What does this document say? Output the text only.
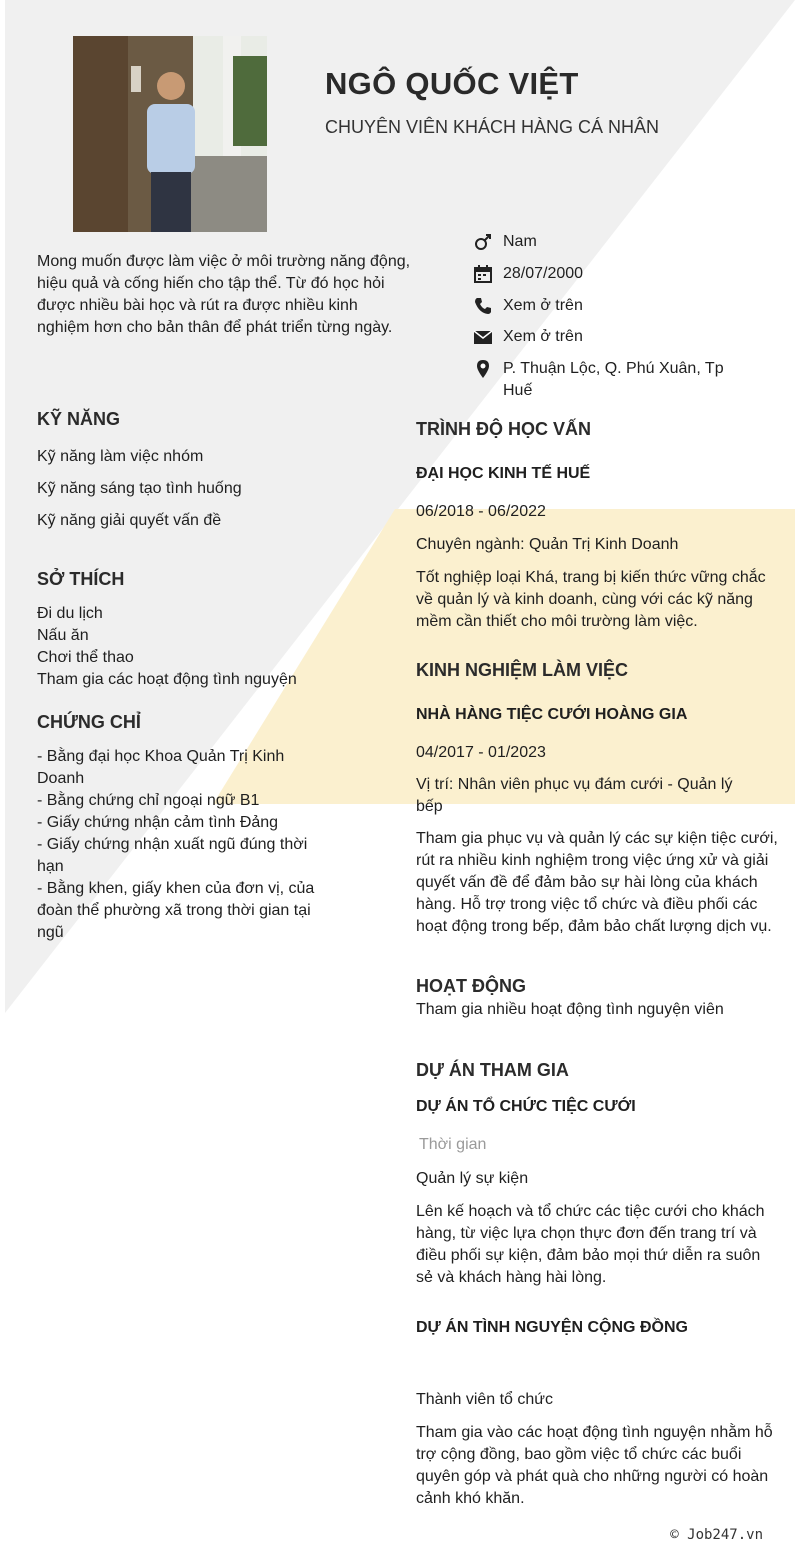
NGÔ QUỐC VIỆT
CHUYÊN VIÊN KHÁCH HÀNG CÁ NHÂN
Nam
28/07/2000
Xem ở trên
Xem ở trên
P. Thuận Lộc, Q. Phú Xuân, Tp
Huế
Mong muốn được làm việc ở môi trường năng động, hiệu quả và cống hiến cho tập thể. Từ đó học hỏi được nhiều bài học và rút ra được nhiều kinh nghiệm hơn cho bản thân để phát triển từng ngày.
KỸ NĂNG
Kỹ năng làm việc nhóm
Kỹ năng sáng tạo tình huống
Kỹ năng giải quyết vấn đề
SỞ THÍCH
Đi du lịch
Nấu ăn
Chơi thể thao
Tham gia các hoạt động tình nguyện
CHỨNG CHỈ
- Bằng đại học Khoa Quản Trị Kinh
Doanh
- Bằng chứng chỉ ngoại ngữ B1
- Giấy chứng nhận cảm tình Đảng
- Giấy chứng nhận xuất ngũ đúng thời
hạn
- Bằng khen, giấy khen của đơn vị, của
đoàn thể phường xã trong thời gian tại
ngũ
TRÌNH ĐỘ HỌC VẤN
ĐẠI HỌC KINH TẾ HUẾ
06/2018 - 06/2022
Chuyên ngành: Quản Trị Kinh Doanh
Tốt nghiệp loại Khá, trang bị kiến thức vững chắc về quản lý và kinh doanh, cùng với các kỹ năng mềm cần thiết cho môi trường làm việc.
KINH NGHIỆM LÀM VIỆC
NHÀ HÀNG TIỆC CƯỚI HOÀNG GIA
04/2017 - 01/2023
Vị trí: Nhân viên phục vụ đám cưới - Quản lý bếp
Tham gia phục vụ và quản lý các sự kiện tiệc cưới, rút ra nhiều kinh nghiệm trong việc ứng xử và giải quyết vấn đề để đảm bảo sự hài lòng của khách hàng. Hỗ trợ trong việc tổ chức và điều phối các hoạt động trong bếp, đảm bảo chất lượng dịch vụ.
HOẠT ĐỘNG
Tham gia nhiều hoạt động tình nguyện viên
DỰ ÁN THAM GIA
DỰ ÁN TỔ CHỨC TIỆC CƯỚI
Thời gian
Quản lý sự kiện
Lên kế hoạch và tổ chức các tiệc cưới cho khách hàng, từ việc lựa chọn thực đơn đến trang trí và điều phối sự kiện, đảm bảo mọi thứ diễn ra suôn sẻ và khách hàng hài lòng.
DỰ ÁN TÌNH NGUYỆN CỘNG ĐỒNG
Thành viên tổ chức
Tham gia vào các hoạt động tình nguyện nhằm hỗ trợ cộng đồng, bao gồm việc tổ chức các buổi quyên góp và phát quà cho những người có hoàn cảnh khó khăn.
© Job247.vn
